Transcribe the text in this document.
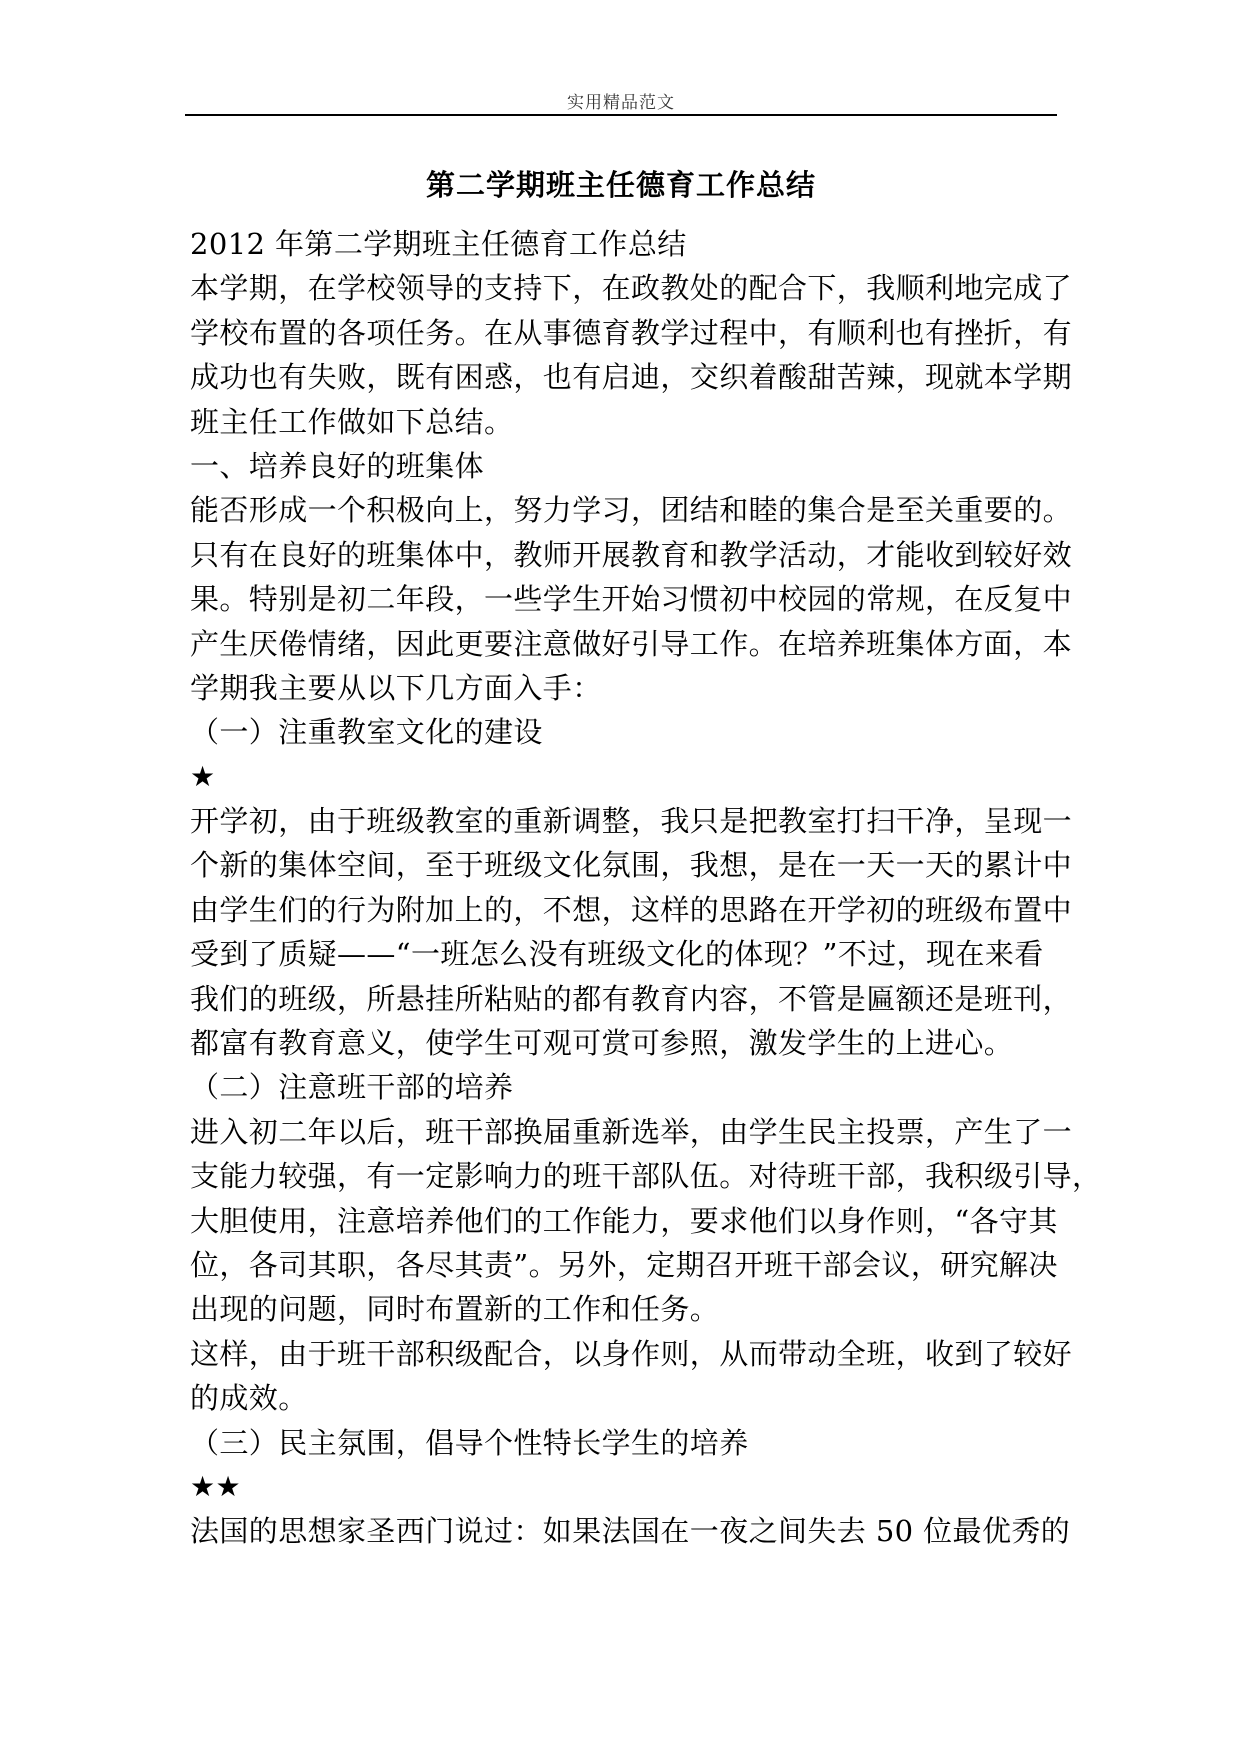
实用精品范文
第二学期班主任德育工作总结
2012 年第二学期班主任德育工作总结
本学期，在学校领导的支持下，在政教处的配合下，我顺利地完成了
学校布置的各项任务。在从事德育教学过程中，有顺利也有挫折，有
成功也有失败，既有困惑，也有启迪，交织着酸甜苦辣，现就本学期
班主任工作做如下总结。
一、培养良好的班集体
能否形成一个积极向上，努力学习，团结和睦的集合是至关重要的。
只有在良好的班集体中，教师开展教育和教学活动，才能收到较好效
果。特别是初二年段，一些学生开始习惯初中校园的常规，在反复中
产生厌倦情绪，因此更要注意做好引导工作。在培养班集体方面，本
学期我主要从以下几方面入手：
（一）注重教室文化的建设
★
开学初，由于班级教室的重新调整，我只是把教室打扫干净，呈现一
个新的集体空间，至于班级文化氛围，我想，是在一天一天的累计中
由学生们的行为附加上的，不想，这样的思路在开学初的班级布置中
受到了质疑——“一班怎么没有班级文化的体现？”不过，现在来看
我们的班级，所悬挂所粘贴的都有教育内容，不管是匾额还是班刊，
都富有教育意义，使学生可观可赏可参照，激发学生的上进心。
（二）注意班干部的培养
进入初二年以后，班干部换届重新选举，由学生民主投票，产生了一
支能力较强，有一定影响力的班干部队伍。对待班干部，我积级引导，
大胆使用，注意培养他们的工作能力，要求他们以身作则，“各守其
位，各司其职，各尽其责”。另外，定期召开班干部会议，研究解决
出现的问题，同时布置新的工作和任务。
这样，由于班干部积级配合，以身作则，从而带动全班，收到了较好
的成效。
（三）民主氛围，倡导个性特长学生的培养
★★
法国的思想家圣西门说过：如果法国在一夜之间失去 50 位最优秀的
